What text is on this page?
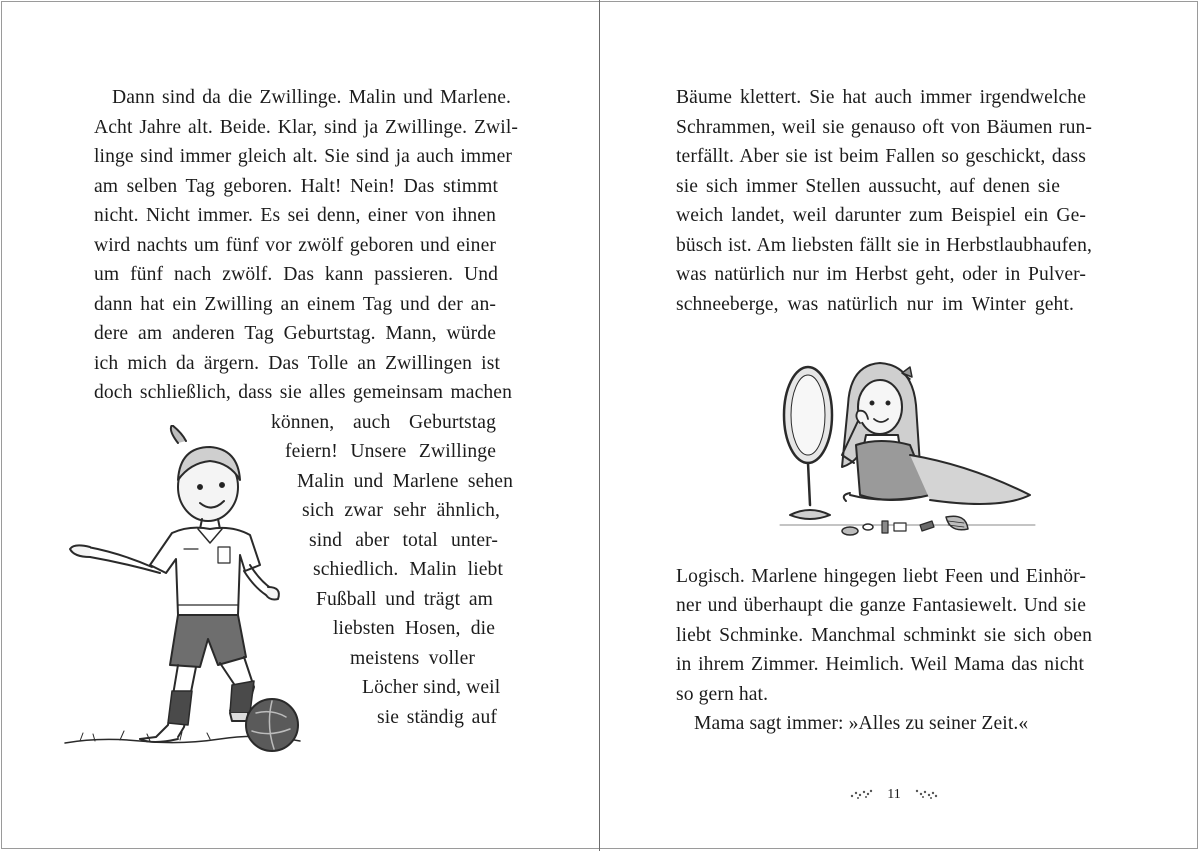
Dann sind da die Zwillinge. Malin und Marlene.

Acht Jahre alt. Beide. Klar, sind ja Zwillinge. Zwil-

linge sind immer gleich alt. Sie sind ja auch immer

am selben Tag geboren. Halt! Nein! Das stimmt

nicht. Nicht immer. Es sei denn, einer von ihnen

wird nachts um fünf vor zwölf geboren und einer

um fünf nach zwölf. Das kann passieren. Und

dann hat ein Zwilling an einem Tag und der an-

dere am anderen Tag Geburtstag. Mann, würde

ich mich da ärgern. Das Tolle an Zwillingen ist

doch schließlich, dass sie alles gemeinsam machen

können, auch Geburtstag

feiern! Unsere Zwillinge

Malin und Marlene sehen

sich zwar sehr ähnlich,

sind aber total unter-

schiedlich. Malin liebt

Fußball und trägt am

liebsten Hosen, die

meistens voller

Löcher sind, weil

sie ständig auf

Bäume klettert. Sie hat auch immer irgendwelche

Schrammen, weil sie genauso oft von Bäumen run-

terfällt. Aber sie ist beim Fallen so geschickt, dass

sie sich immer Stellen aussucht, auf denen sie

weich landet, weil darunter zum Beispiel ein Ge-

büsch ist. Am liebsten fällt sie in Herbstlaubhaufen,

was natürlich nur im Herbst geht, oder in Pulver-

schneeberge, was natürlich nur im Winter geht.

Logisch. Marlene hingegen liebt Feen und Einhör-

ner und überhaupt die ganze Fantasiewelt. Und sie

liebt Schminke. Manchmal schminkt sie sich oben

in ihrem Zimmer. Heimlich. Weil Mama das nicht

so gern hat.

Mama sagt immer: »Alles zu seiner Zeit.«

11
